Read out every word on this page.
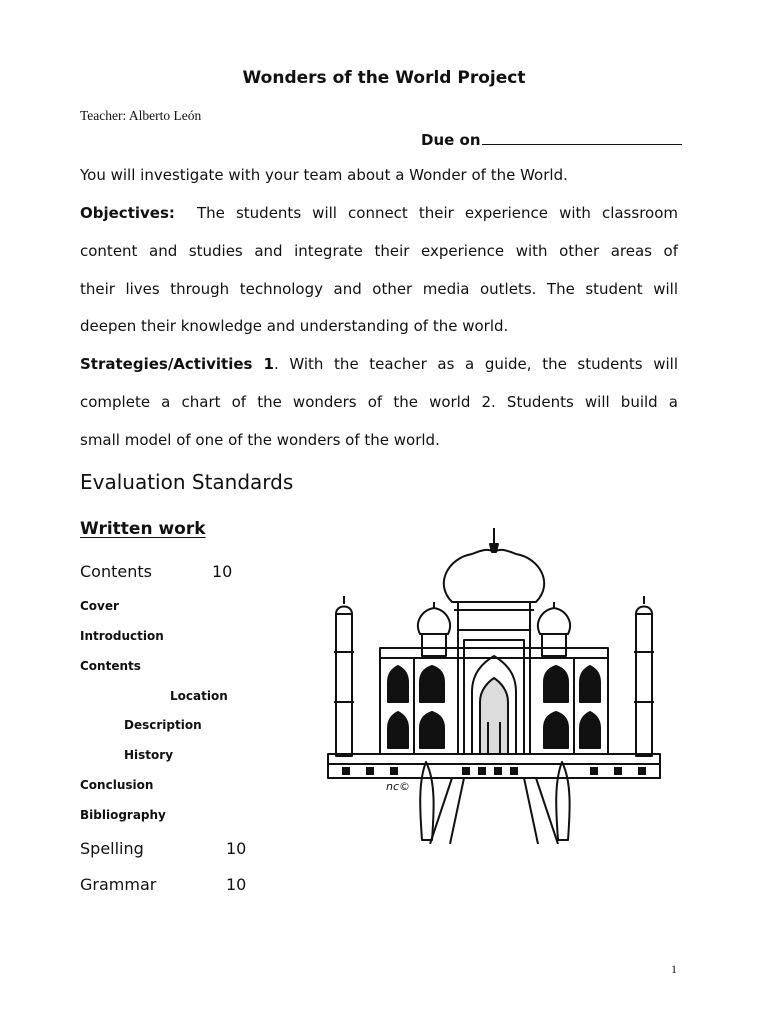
Wonders of the World Project
Teacher: Alberto León
Due on
You will investigate with your team about a Wonder of the World.
Objectives: The students will connect their experience with classroom
content and studies and integrate their experience with other areas of
their lives through technology and other media outlets. The student will
deepen their knowledge and understanding of the world.
Strategies/Activities 1. With the teacher as a guide, the students will
complete a chart of the wonders of the world 2. Students will build a
small model of one of the wonders of the world.
Evaluation Standards
Written work
Contents	10
Cover
Introduction
Contents
Location
Description
History
Conclusion
Bibliography
Spelling	10
Grammar	10
nc©
1
